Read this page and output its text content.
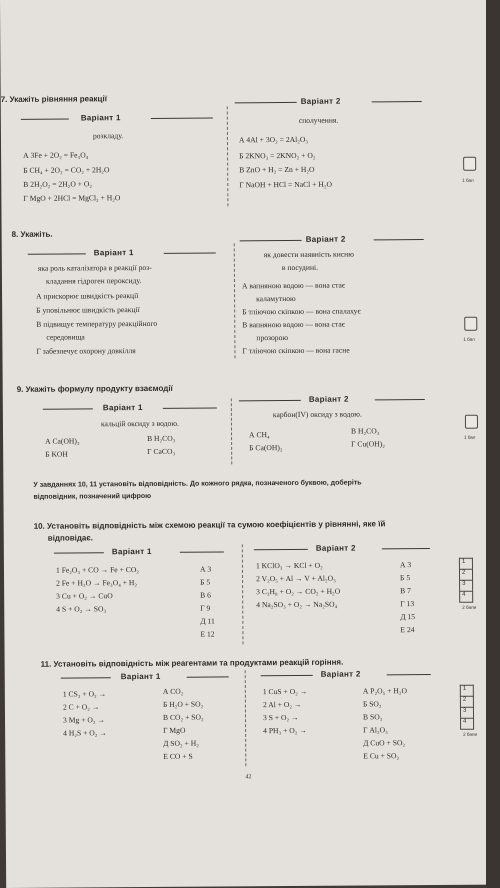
7. Укажіть рівняння реакції
Варіант 1
розкладу.
А 3Fe + 2O₂ = Fe₃O₄
Б CH₄ + 2O₂ = CO₂ + 2H₂O
В 2H₂O₂ = 2H₂O + O₂
Г MgO + 2HCl = MgCl₂ + H₂O
Варіант 2
сполучення.
А 4Al + 3O₂ = 2Al₂O₃
Б 2KNO₃ = 2KNO₂ + O₂
В ZnO + H₂ = Zn + H₂O
Г NaOH + HCl = NaCl + H₂O	1 бал
8. Укажіть.
Варіант 1
яка роль каталізатора в реакції роз-
кладання гідроген пероксиду.
А прискорює швидкість реакції
Б уповільнює швидкість реакції
В підвищує температуру реакційного
середовища
Г забезпечує охорону довкілля
Варіант 2
як довести наявність кисню
в посудині.
А вапняною водою — вона стає
каламутною
Б тліючою скіпкою — вона спалахує
В вапняною водою — вона стає
прозорою
Г тліючою скіпкою — вона гасне
1 бал
9. Укажіть формулу продукту взаємодії
Варіант 1
кальцій оксиду з водою.
А Ca(OH)₂
Б KOH
В H₂CO₃
Г CaCO₃
Варіант 2
карбон(IV) оксиду з водою.
А CH₄
Б Ca(OH)₂
В H₂CO₃
Г Cu(OH)₂
1 бал
У завданнях 10, 11 установіть відповідність. До кожного рядка, позначеного буквою, доберіть
відповідник, позначений цифрою
10. Установіть відповідність між схемою реакції та сумою коефіцієнтів у рівнянні, яке їй
відповідає.
Варіант 1
1 Fe₂O₃ + CO → Fe + CO₂
2 Fe + H₂O → Fe₃O₄ + H₂
3 Cu + O₂ → CuO
4 S + O₂ → SO₃
А 3
Б 5
В 6
Г 9
Д 11
Е 12
Варіант 2
1 KClO₃ → KCl + O₂
2 V₂O₅ + Al → V + Al₂O₃
3 C₃H₈ + O₂ → CO₂ + H₂O
4 Na₂SO₃ + O₂ → Na₂SO₄
А 3
Б 5
В 7
Г 13
Д 15
Е 24
1
2
3
4
2 бали
11. Установіть відповідність між реагентами та продуктами реакцій горіння.
Варіант 1
1 CS₂ + O₂ →
2 C + O₂ →
3 Mg + O₂ →
4 H₂S + O₂ →
А CO₂
Б H₂O + SO₂
В CO₂ + SO₂
Г MgO
Д SO₂ + H₂
Е CO + S
Варіант 2
1 CuS + O₂ →
2 Al + O₂ →
3 S + O₂ →
4 PH₃ + O₂ →
А P₂O₅ + H₂O
Б SO₂
В SO₃
Г Al₂O₃
Д CuO + SO₂
Е Cu + SO₂
1
2
3
4
2 бали
42
